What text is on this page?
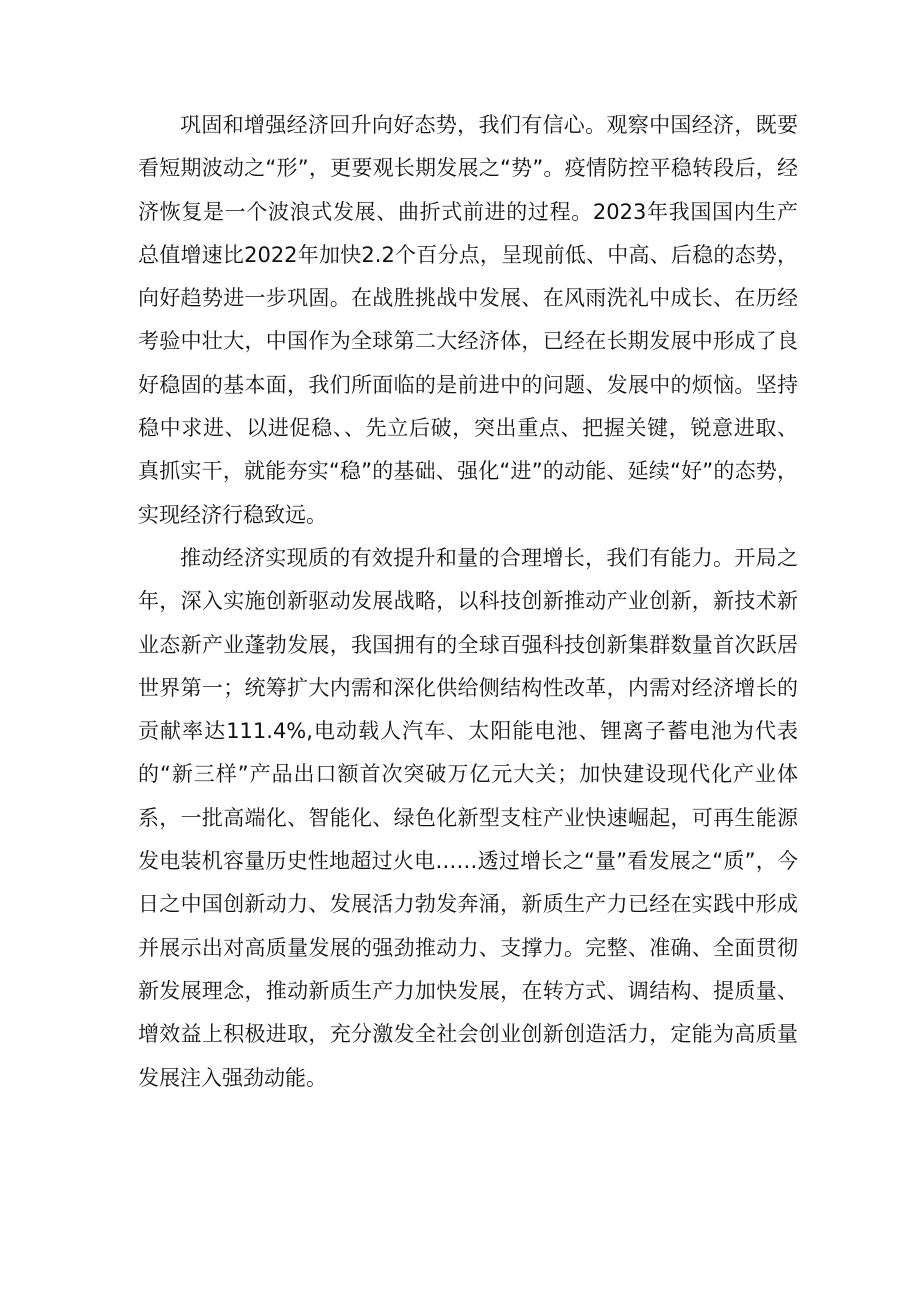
巩固和增强经济回升向好态势，我们有信心。观察中国经济，既要看短期波动之“形”，更要观长期发展之“势”。疫情防控平稳转段后，经济恢复是一个波浪式发展、曲折式前进的过程。2023年我国国内生产总值增速比2022年加快2.2个百分点，呈现前低、中高、后稳的态势，向好趋势进一步巩固。在战胜挑战中发展、在风雨洗礼中成长、在历经考验中壮大，中国作为全球第二大经济体，已经在长期发展中形成了良好稳固的基本面，我们所面临的是前进中的问题、发展中的烦恼。坚持稳中求进、以进促稳、、先立后破，突出重点、把握关键，锐意进取、真抓实干，就能夯实“稳”的基础、强化“进”的动能、延续“好”的态势，实现经济行稳致远。

推动经济实现质的有效提升和量的合理增长，我们有能力。开局之年，深入实施创新驱动发展战略，以科技创新推动产业创新，新技术新业态新产业蓬勃发展，我国拥有的全球百强科技创新集群数量首次跃居世界第一；统筹扩大内需和深化供给侧结构性改革，内需对经济增长的贡献率达111.4%,电动载人汽车、太阳能电池、锂离子蓄电池为代表的“新三样”产品出口额首次突破万亿元大关；加快建设现代化产业体系，一批高端化、智能化、绿色化新型支柱产业快速崛起，可再生能源发电装机容量历史性地超过火电……透过增长之“量”看发展之“质”，今日之中国创新动力、发展活力勃发奔涌，新质生产力已经在实践中形成并展示出对高质量发展的强劲推动力、支撑力。完整、准确、全面贯彻新发展理念，推动新质生产力加快发展，在转方式、调结构、提质量、增效益上积极进取，充分激发全社会创业创新创造活力，定能为高质量发展注入强劲动能。
